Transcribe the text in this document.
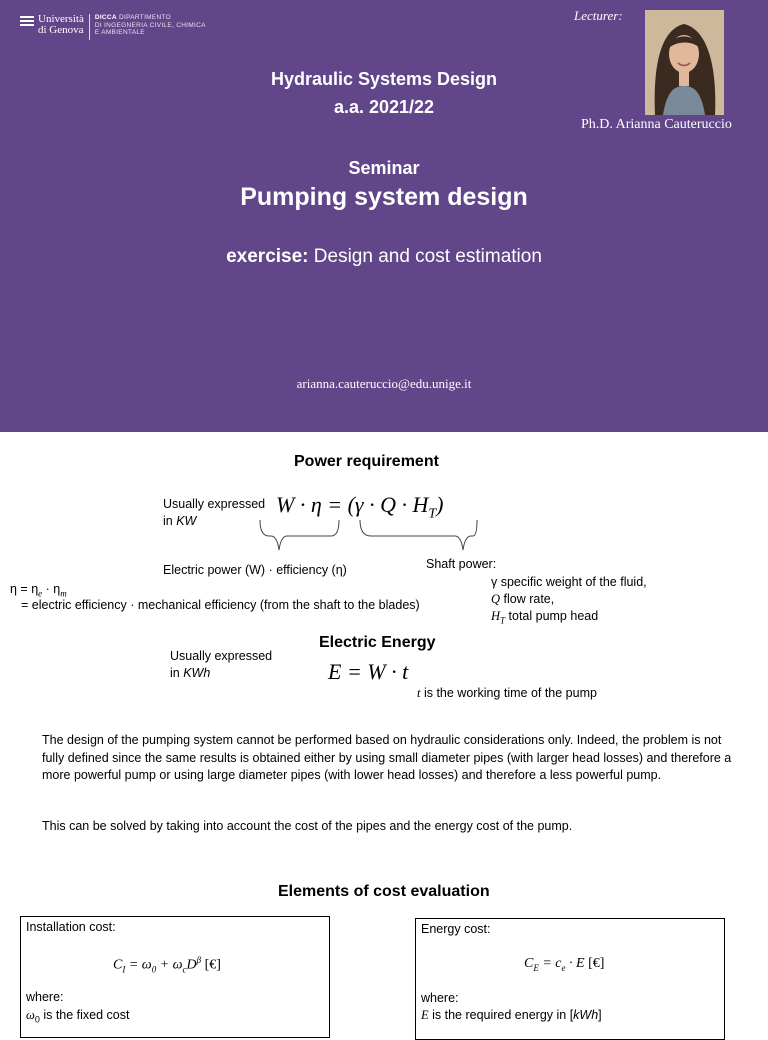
Università
di Genova
DICCA DIPARTIMENTO
DI INGEGNERIA CIVILE, CHIMICA
E AMBIENTALE
Lecturer:
Ph.D. Arianna Cauteruccio
Hydraulic Systems Design
a.a. 2021/22
Seminar
Pumping system design
exercise: Design and cost estimation
arianna.cauteruccio@edu.unige.it
Power requirement
Usually expressed
in KW
$W \cdot \eta = (\gamma \cdot Q \cdot H_T)$
Electric power (W) · efficiency (η)	Shaft power:
γ specific weight of the fluid,
Q flow rate,
$H_T$ total pump head
$\eta = \eta_e \cdot \eta_m$
= electric efficiency · mechanical efficiency (from the shaft to the blades)
Electric Energy
Usually expressed
in KWh	E = W · t
t is the working time of the pump
The design of the pumping system cannot be performed based on hydraulic considerations only. Indeed, the problem is not fully defined since the same results is obtained either by using small diameter pipes (with larger head losses) and therefore a more powerful pump or using large diameter pipes (with lower head losses) and therefore a less powerful pump.
This can be solved by taking into account the cost of the pipes and the energy cost of the pump.
Elements of cost evaluation
Installation cost:
$C_I = \omega_0 + \omega_cD^\beta$ [€]
where:
$\omega_0$ is the fixed cost
Energy cost:
$C_E = c_e \cdot E$ [€]
where:
E is the required energy in [kWh]
